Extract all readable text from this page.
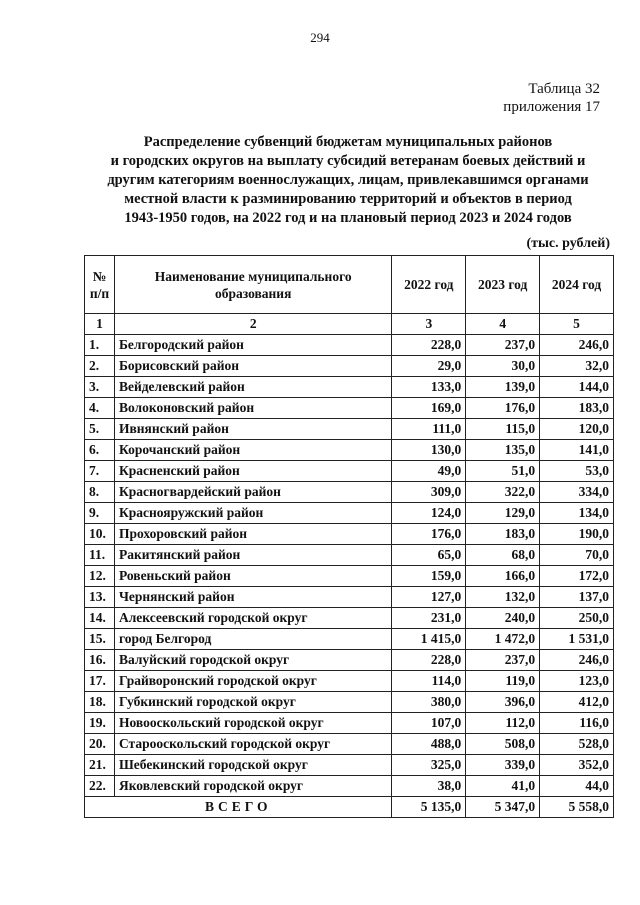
294
Таблица 32
приложения 17
Распределение субвенций бюджетам муниципальных районов
и городских округов на выплату субсидий ветеранам боевых действий и
другим категориям военнослужащих, лицам, привлекавшимся органами
местной власти к разминированию территорий и объектов в период
1943-1950 годов, на 2022 год и на плановый период 2023 и 2024 годов
(тыс. рублей)
№ п/п	Наименование муниципального образования	2022 год	2023 год	2024 год
1	2	3	4	5
1.	Белгородский район	228,0	237,0	246,0
2.	Борисовский район	29,0	30,0	32,0
3.	Вейделевский район	133,0	139,0	144,0
4.	Волоконовский район	169,0	176,0	183,0
5.	Ивнянский район	111,0	115,0	120,0
6.	Корочанский район	130,0	135,0	141,0
7.	Красненский район	49,0	51,0	53,0
8.	Красногвардейский район	309,0	322,0	334,0
9.	Краснояружский район	124,0	129,0	134,0
10.	Прохоровский район	176,0	183,0	190,0
11.	Ракитянский район	65,0	68,0	70,0
12.	Ровеньский район	159,0	166,0	172,0
13.	Чернянский район	127,0	132,0	137,0
14.	Алексеевский городской округ	231,0	240,0	250,0
15.	город Белгород	1 415,0	1 472,0	1 531,0
16.	Валуйский городской округ	228,0	237,0	246,0
17.	Грайворонский городской округ	114,0	119,0	123,0
18.	Губкинский городской округ	380,0	396,0	412,0
19.	Новооскольский городской округ	107,0	112,0	116,0
20.	Старооскольский городской округ	488,0	508,0	528,0
21.	Шебекинский городской округ	325,0	339,0	352,0
22.	Яковлевский городской округ	38,0	41,0	44,0
ВСЕГО		5 135,0	5 347,0	5 558,0
